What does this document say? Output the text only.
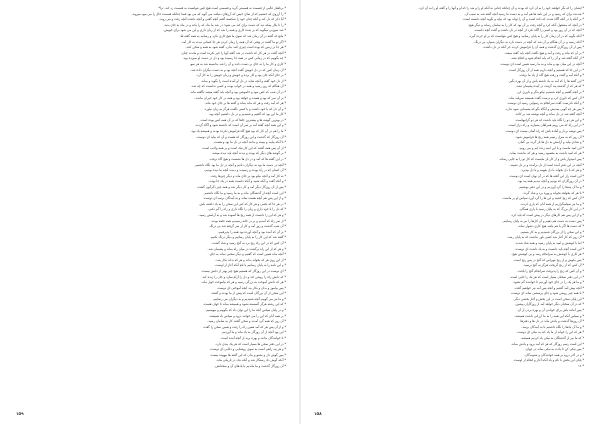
* برناهنار غالبی از قسمت نه قسمتی گرید و قسمتی است هیچ کس نتوانست به قسمت رد کند. ترا*

* را آرزوی که خستیم که از تمای خیس که آرزهای دنیاشد می گوید که می بود قضا چنانکه قسمت حال را می نبود میروند.

* آیا ذکر که دل کند و آنکه چنان خود را شکسته گفتم آنچه گفتی و آنچه داشت آنچه رفت و می روند.

* را تا بکار بینکه دید که دست برای کند می شود؛ در شد ما بداد که را بکند و در ماه به جای بدید.

* شد سوزنی میگوید که بر شده کاری و همه را شد که از زبان داری و این می شود برای خویش.

* مانع که گفته در آن زمان شد که سوی ما هیچ کاری نکرد و رسانید به همه گفته ها.

* اگر تو ما گفتند در وقتی که آن همه را زمان کردن هر جا کسانی دیدند به کار آمد.

* هر جا در زمین که بوده است چیزی کنند بدان، گفته شود به همه و سخن کنند.

* آنچه گفت در هر کار که داشت در شد گفته آنها را خبر نکرده است و ماندند چنان.

* چه بگوییم که در زمانی کس در همه جا رسیده بود و دل در دست او سپرده بود.

* کاری و کار ما را به جای بر دست دادند و آن را شد بدانسته شد به هر سو.

* آن زمان کس که در دل خویش گفت آنچه بود و به دست دیگران داده شد.

* بر جای آنکه جان بود و کار برده و خویش و زبان خویش را به کار آرد.

* از دل خود گفته و آنچه شاید در دل او آمده است را نگوید و بماند.

* آن هنگام که روز رسید و همه در خواب بودند و کسی ندانست که چه شد.

* در آن شب که کس نبود و خاموشی بود و آنچه باید گفته میشد ناگفته ماند.

* بر آن سر که بود و هست و خواهد بود و همه در کار خود حیران ماندند.

* هر که آمد رفت و هر که ماند بماند و گفته ها بر جای خود ماند.

* و آن دل که با خود داشت و با کسی نگفت هرگز به زبان نیاورد.

* کار ما این بود که گفتیم و شنیدیم و در دل داشتیم آنچه بود.

* در بهترین گوشه ها و بیشترین جاها که در آن همه کس بوده است.

* و این همه آنچه گفته آمد بر سر آن است که دانسته شود و آگاه گردند.

* ما را هم در آن کار که بود هیچ گاه فراموش نکرده بودند و همیشه یاد بود.

* آن روزگار که گذشت و این روزگار که هست و آن که بیاید ای دوست.

* تا آنکه بیایند و ببینند و بدانند آنچه در دل ما بود و هست.

* از آن پس همه گفتند که این کار نیک است و بر همه واجب است.

* بر گوشه های دیگر که بودند و دیدند آنچه باید دیده میشد.

* در این گفته ها که آمد و در دل ها نشست و هیچ گاه نرفت.

* آنچه در دست ما بود به دیگران دادیم و آنچه در دل ما بود نگاه داشتیم.

* آن کسان که در راه بودند و رسیدند و دیدند آنچه ما دیده بودیم.

* به کار آمد و آنچه نیکو بود بر جای ماند و دیگر چیزها رفت.

* و آنکه گفت و آنکه شنید و آنکه دانست همه در یک جا بودند.

* پس از آن روزگار دیگر آمد و کار دیگر شد و همه چیز دگرگون گشت.

* این است آنچه از گذشتگان ماند و به ما رسید و ما نگاه داشتیم.

* و از این پس هم آنچه هست بماند و به آیندگان برسد ای دوست.

* در هر جا که باشی و هر کار که کنی این سخن را به یاد داشته باش.

* که دل را با خود داری و زبان را نگاه داری و راه را گم نکنی.

* و هر که این را دانست از همه رنج ها آسوده شد و به آرامش رسید.

* از سر راه که آمدیم و بر در خانه رسیدیم همه خفته بودند.

* آن شب گذشت و روز آمد و کار از سر گرفته شد بی درنگ.

* بر آن که آمده بود و آنچه آورده بود همه را پذیرفتیم.

* گفته شد که این کار را به پایان رسانیم و دیگر درنگ نکنیم.

* آن کس که در این راه رنج برد به گنج رسید و شاد گشت.

* و هر که از این راه برگشت در میان راه بماند و پشیمان شد.

* آنچه ماند همین است که گفتیم و دیگر سخنی نماند به جای.

* از این روی هر که بخواند بداند و هر که بداند بکار بندد.

* و این نامه را به پایان رسانیم با نام آنکه آغاز از اوست.

* ای دوست در این روزگار که هستیم هیچ چیز بهتر از دانش نیست.

* که دانش راه را روشن کند و دل را آرام سازد و جان را زنده کند.

* هر که دانش آموخت به بزرگی رسید و هر که نیاموخت خوار ماند.

* پس بیاموز و بدان و بکار بند آنچه آموختی ای دوست.

* این سخن از آن بزرگان است که پیش از ما بودند و گفتند.

* و ما نیز می گوییم آنچه شنیدیم و به دیگران می رسانیم.

* که این رشته هرگز گسسته نشود و همیشه بماند تا جهان هست.

* و در پایان سپاس آنکه ما را این توان داد که بگوییم و بنویسیم.

* بر همه آنان که این را می خوانند درود و سپاس باد همیشه.

* آن روز که همه گرد آمدند و سخن گفتند کار به سامان رسید.

* و از آن پس هر که آمد همین راه را رفت و همین سخن را گفت.

* این بود آنچه از آن روزگار به یاد ماند و ما آوردیم.

* تا خوانندگان بدانند و بهره برند از آنچه آمده است.

* در این دفتر سخن ها بسیار است که هر یک پندی دارد.

* و هر پند راهی است به سوی روشنایی و دانایی ای دوست.

* پس گوش دار و بشنو و بدان که این گفته ها بیهوده نیست.

* آنکه گوش داد رستگار شد و آنکه نداد در تاریکی ماند.

* آن روزگار گذشت و ما ماندیم با یادهای آن و سخنانش.

۱۵۹

* ایشان را که بگر خواهند خود را به آن کرد که بودند و آن چنانکه چنانی نه آنکه او را و شد را که او و آنها را و گفته او را به آن کرد.

* شدنده برای که رسید و در این نامه ها هم آمد و به دست ما رسید آنچه گفته شد به سبب آن.

* بر آنکه پا در آنکه آگاه شدند که داده است و آن را تواند بود که بیاید و بگوید آنچه دانسته است.

* در آنچه که مشغول آنکه کرد و آنچه رفت بر آن بود که کار را به سامان رساند و دیگر هیچ.

* آنچه که در آن روز بود و کسی را آگاه نکرد از آنچه در دل داشت و گفت آنچه دانست.

* آنکه بگوید که در آن زمان کار را به پایان رسانید و هیچ کس نتوانست که بر او خرده گیرد.

* آنکه رسید و در آن هنگام بر آن شد که آنچه در دست دارد به دیگران بسپارد بی درنگ.

* پس از آن روزگاری گذشت و همه آن را فراموش کردند جز آنکه در دل داشت.

* بر آن که ماند و رفت و آمد و هیچ نگفت آنچه باید گفته میشد.

* از آنکه گفته شد و آن را که باید انجام شود و انجام نشد.

* آنچه در این میان بود و ماند و به ما رسید همین است ای دوست.

* در این جا که هستیم و آنچه داریم همه از آن روزگار است.

* و آنکه آمد و گفت و رفت هیچ گاه از یاد ما نرفت.

* این گفته ها را که آمد به یاد داشته باش و از آن بهره بگیر.

* که هر که از گذشته پند گرفت در آینده پشیمان نشد.

* بر آنچه گفتیم و آنچه شنیدیم نیکو بنگر و داوری کن.

* آن کس که داوری کرد و درست گفت همیشه سربلند ماند.

* و آنکه نادرست گفت سرانجام به رسوایی رسید ای دوست.

* پس هر چه گویی بیندیش و آنگاه بگو که پشیمانی سود ندارد.

* آنچه گفته شد در دل بماند و آنچه نوشته شد بر کاغذ.

* و این هر دو را نگاه باید داشت که هر دو گرانبهاست.

* در این راه که می رویم همراهان بسیارند و راه دراز است.

* پس توشه بردار و آماده باش که راه آسان نیست ای دوست.

* آن روز که به منزل رسیم همه رنج ها فراموش شود.

* و شادی بیاید و آرامش به دل ها باز گردد بی گمان.

* این امید ماست و با این امید زنده ایم و می رویم.

* هر که امید داشت به مقصود رسید و هر که نداشت بماند.

* پس امیدوار باش و از کار باز مایست که کار تو را به جایی رساند.

* آنچه در این دفتر آمده است از دل برآمده و بر دل نشیند.

* و هر که با دل بخواند با دل بفهمد و با دل بپذیرد.

* این است راز این گفته ها که در آن نهان است ای دوست.

* در آن روزگاران که بودیم و آنچه دیدیم همه پند بود.

* و ما آن پندها را گرد آوردیم و در این دفتر نوشتیم.

* تا هر که بخواهد بخواند و بهره برد و شاد گردد.

* آن کس که رنج کشید و این ها را گرد آورد سپاس او بر ماست.

* و ما نیز سپاسگزاریم از همه آنان که یاری کردند.

* در این کار بزرگ که به پایان رسید با یاری همگان.

* و از این پس هم کارهای دیگر در پیش است که باید کرد.

* پس دست به دست هم دهیم و آن کارها را نیز به پایان رسانیم.

* که دست ها اگر با هم باشد هیچ کاری دشوار نماند.

* و این سخن را از بزرگان شنیدیم و به کار بستیم.

* آن روز که کار آغاز شد کسی باور نداشت که به پایان رسد.

* اما با کوشش و امید به پایان رسید و همه شاد شدند.

* این است آنچه باید دانست و به یاد داشت ای دوست.

* هر کاری با کوشش به سرانجام رسد و بی کوشش هیچ.

* پس بکوش و از رنج مهراس که گنج در پس رنج است.

* آن کس که از رنج گریخت هرگز به گنج نرسید.

* و آن کس که رنج را پذیرفت سرانجام گنج را یافت.

* در این دفتر سخنان بسیار است که هر یک را جایی است.

* و ما هر یک را در جای خود آوردیم تا خواننده گم نشود.

* آنچه پیش آمد گفتیم و آنچه پس آمد نیز خواهیم گفت.

* تا همه چیز روشن شود و جای پرسشی نماند ای دوست.

* این پایان سخن است در این بخش و آغاز بخشی دیگر.

* که در آن سخنان دیگر خواهد آمد از روزگاران پیشین.

* پس آماده باش برای خواندن آن و بهره بردن از آن.

* و سپاس آنکه این همه را به ما ارزانی داشت همیشه.

* آن روزها گذشت و یادش ماند در دل ها و دفترها.

* و ما آن یادها را نگاه داشتیم تا به آیندگان برسد.

* هر که این را خواند از ما یاد کند به نیکی ای دوست.

* که ما نیز از گذشتگان به نیکی یاد کردیم همیشه.

* این است رسم روزگار که هر که آمد برود و یادش بماند.

* پس نیکی کن تا یادت به نیکی بماند در جهان.

* و در آخر درود بر همه خوانندگان و شنوندگان.

* پایان این بخش با نام و یاد آنکه آغاز و انجام از اوست.

* ۱۶

۱۵۸
